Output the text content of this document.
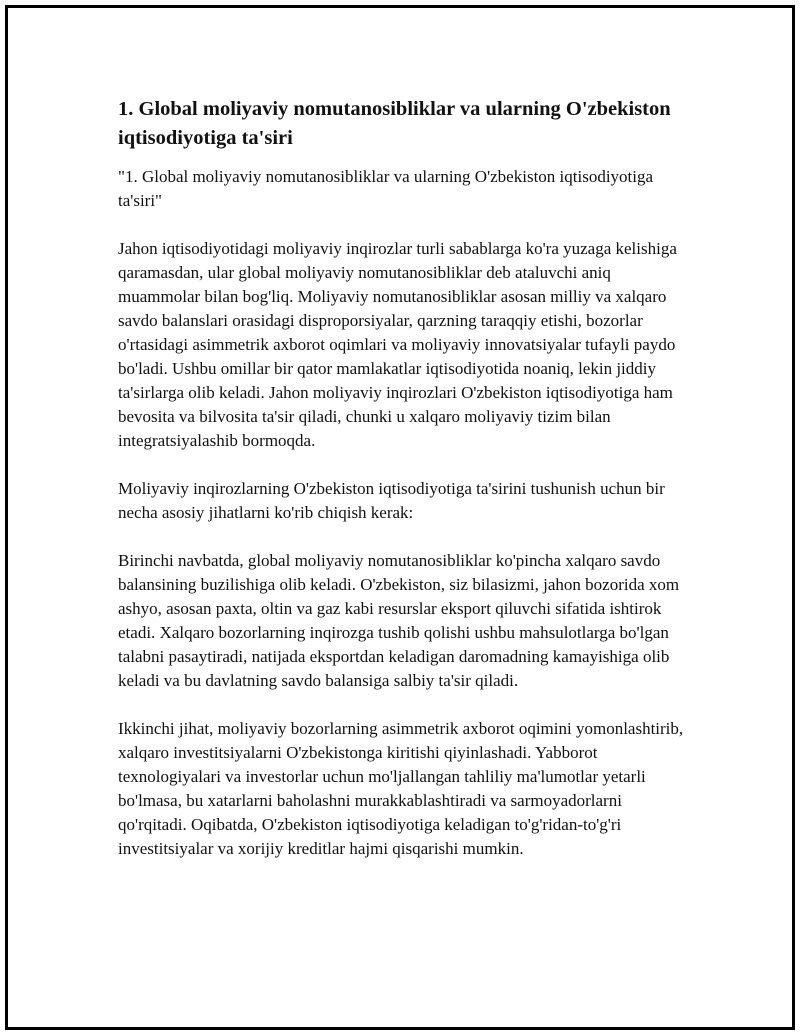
1. Global moliyaviy nomutanosibliklar va ularning O'zbekiston iqtisodiyotiga ta'siri

"1. Global moliyaviy nomutanosibliklar va ularning O'zbekiston iqtisodiyotiga ta'siri"

Jahon iqtisodiyotidagi moliyaviy inqirozlar turli sabablarga ko'ra yuzaga kelishiga qaramasdan, ular global moliyaviy nomutanosibliklar deb ataluvchi aniq muammolar bilan bog'liq. Moliyaviy nomutanosibliklar asosan milliy va xalqaro savdo balanslari orasidagi disproporsiyalar, qarzning taraqqiy etishi, bozorlar o'rtasidagi asimmetrik axborot oqimlari va moliyaviy innovatsiyalar tufayli paydo bo'ladi. Ushbu omillar bir qator mamlakatlar iqtisodiyotida noaniq, lekin jiddiy ta'sirlarga olib keladi. Jahon moliyaviy inqirozlari O'zbekiston iqtisodiyotiga ham bevosita va bilvosita ta'sir qiladi, chunki u xalqaro moliyaviy tizim bilan integratsiyalashib bormoqda.

Moliyaviy inqirozlarning O'zbekiston iqtisodiyotiga ta'sirini tushunish uchun bir necha asosiy jihatlarni ko'rib chiqish kerak:

Birinchi navbatda, global moliyaviy nomutanosibliklar ko'pincha xalqaro savdo balansining buzilishiga olib keladi. O'zbekiston, siz bilasizmi, jahon bozorida xom ashyo, asosan paxta, oltin va gaz kabi resurslar eksport qiluvchi sifatida ishtirok etadi. Xalqaro bozorlarning inqirozga tushib qolishi ushbu mahsulotlarga bo'lgan talabni pasaytiradi, natijada eksportdan keladigan daromadning kamayishiga olib keladi va bu davlatning savdo balansiga salbiy ta'sir qiladi.

Ikkinchi jihat, moliyaviy bozorlarning asimmetrik axborot oqimini yomonlashtirib, xalqaro investitsiyalarni O'zbekistonga kiritishi qiyinlashadi. Yabborot texnologiyalari va investorlar uchun mo'ljallangan tahliliy ma'lumotlar yetarli bo'lmasa, bu xatarlarni baholashni murakkablashtiradi va sarmoyadorlarni qo'rqitadi. Oqibatda, O'zbekiston iqtisodiyotiga keladigan to'g'ridan-to'g'ri investitsiyalar va xorijiy kreditlar hajmi qisqarishi mumkin.
